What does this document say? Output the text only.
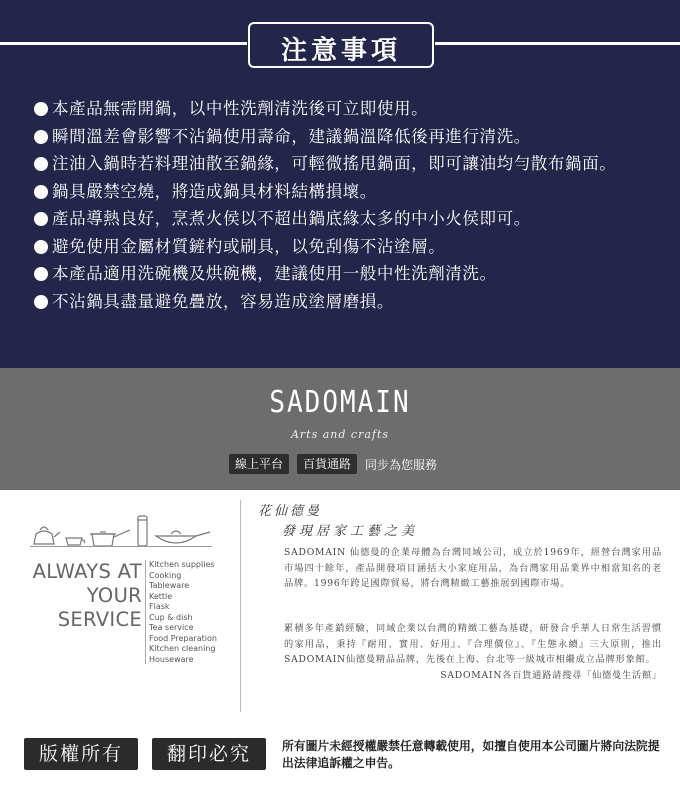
注意事項
本產品無需開鍋，以中性洗劑清洗後可立即使用。
瞬間溫差會影響不沾鍋使用壽命，建議鍋溫降低後再進行清洗。
注油入鍋時若料理油散至鍋緣，可輕微搖甩鍋面，即可讓油均勻散布鍋面。
鍋具嚴禁空燒，將造成鍋具材料結構損壞。
產品導熱良好，烹煮火侯以不超出鍋底緣太多的中小火侯即可。
避免使用金屬材質鏟杓或刷具，以免刮傷不沾塗層。
本產品適用洗碗機及烘碗機，建議使用一般中性洗劑清洗。
不沾鍋具盡量避免疊放，容易造成塗層磨損。
SADOMAIN
Arts and crafts
線上平台	百貨通路	同步為您服務
ALWAYS AT
YOUR
SERVICE
Kitchen supplies
Cooking
Tableware
Kettle
Flask
Cup & dish
Tea service
Food Preparation
Kitchen cleaning
Houseware
花仙德曼
發現居家工藝之美

SADOMAIN 仙德曼的企業母體為台灣同域公司，成立於1969年，經營台灣家用品市場四十餘年，產品開發項目涵括大小家庭用品，為台灣家用品業界中相當知名的老品牌。1996年跨足國際貿易，將台灣精緻工藝推展到國際市場。

累積多年產銷經驗，同域企業以台灣的精緻工藝為基礎，研發合乎華人日常生活習慣的家用品，秉持『耐用、實用、好用』、『合理價位』、『生態永續』三大原則，推出SADOMAIN仙德曼精品品牌，先後在上海、台北等一級城市相繼成立品牌形象館。
SADOMAIN各百貨通路請搜尋「仙德曼生活館」
版權所有	翻印必究	所有圖片未經授權嚴禁任意轉載使用，如擅自使用本公司圖片將向法院提出法律追訴權之申告。
